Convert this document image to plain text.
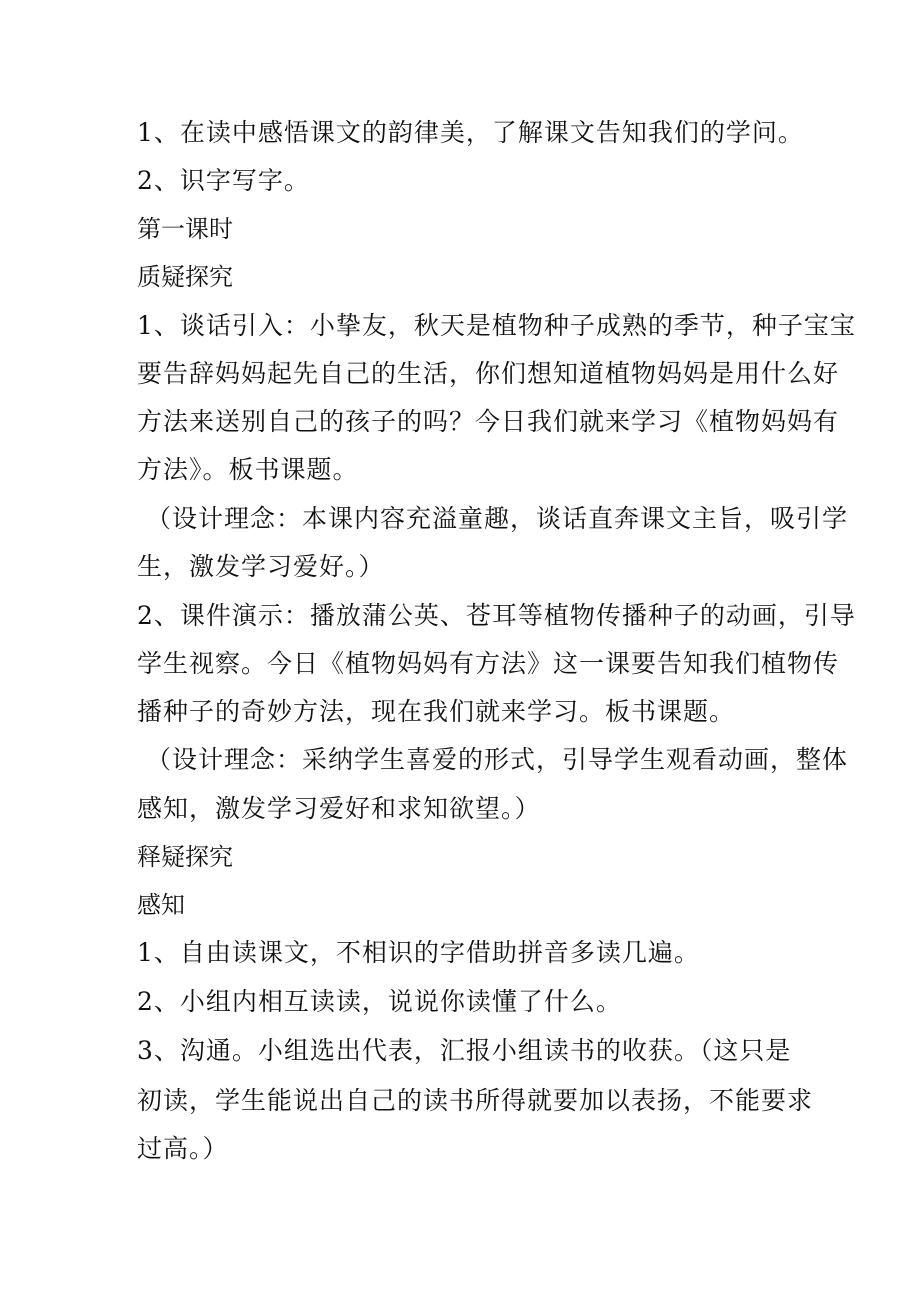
1、在读中感悟课文的韵律美，了解课文告知我们的学问。
2、识字写字。
第一课时
质疑探究
1、谈话引入：小挚友，秋天是植物种子成熟的季节，种子宝宝
要告辞妈妈起先自己的生活，你们想知道植物妈妈是用什么好
方法来送别自己的孩子的吗？今日我们就来学习《植物妈妈有
方法》。板书课题。
（设计理念：本课内容充溢童趣，谈话直奔课文主旨，吸引学
生，激发学习爱好。）
2、课件演示：播放蒲公英、苍耳等植物传播种子的动画，引导
学生视察。今日《植物妈妈有方法》这一课要告知我们植物传
播种子的奇妙方法，现在我们就来学习。板书课题。
（设计理念：采纳学生喜爱的形式，引导学生观看动画，整体
感知，激发学习爱好和求知欲望。）
释疑探究
感知
1、自由读课文，不相识的字借助拼音多读几遍。
2、小组内相互读读，说说你读懂了什么。
3、沟通。小组选出代表，汇报小组读书的收获。（这只是
初读，学生能说出自己的读书所得就要加以表扬，不能要求
过高。）
